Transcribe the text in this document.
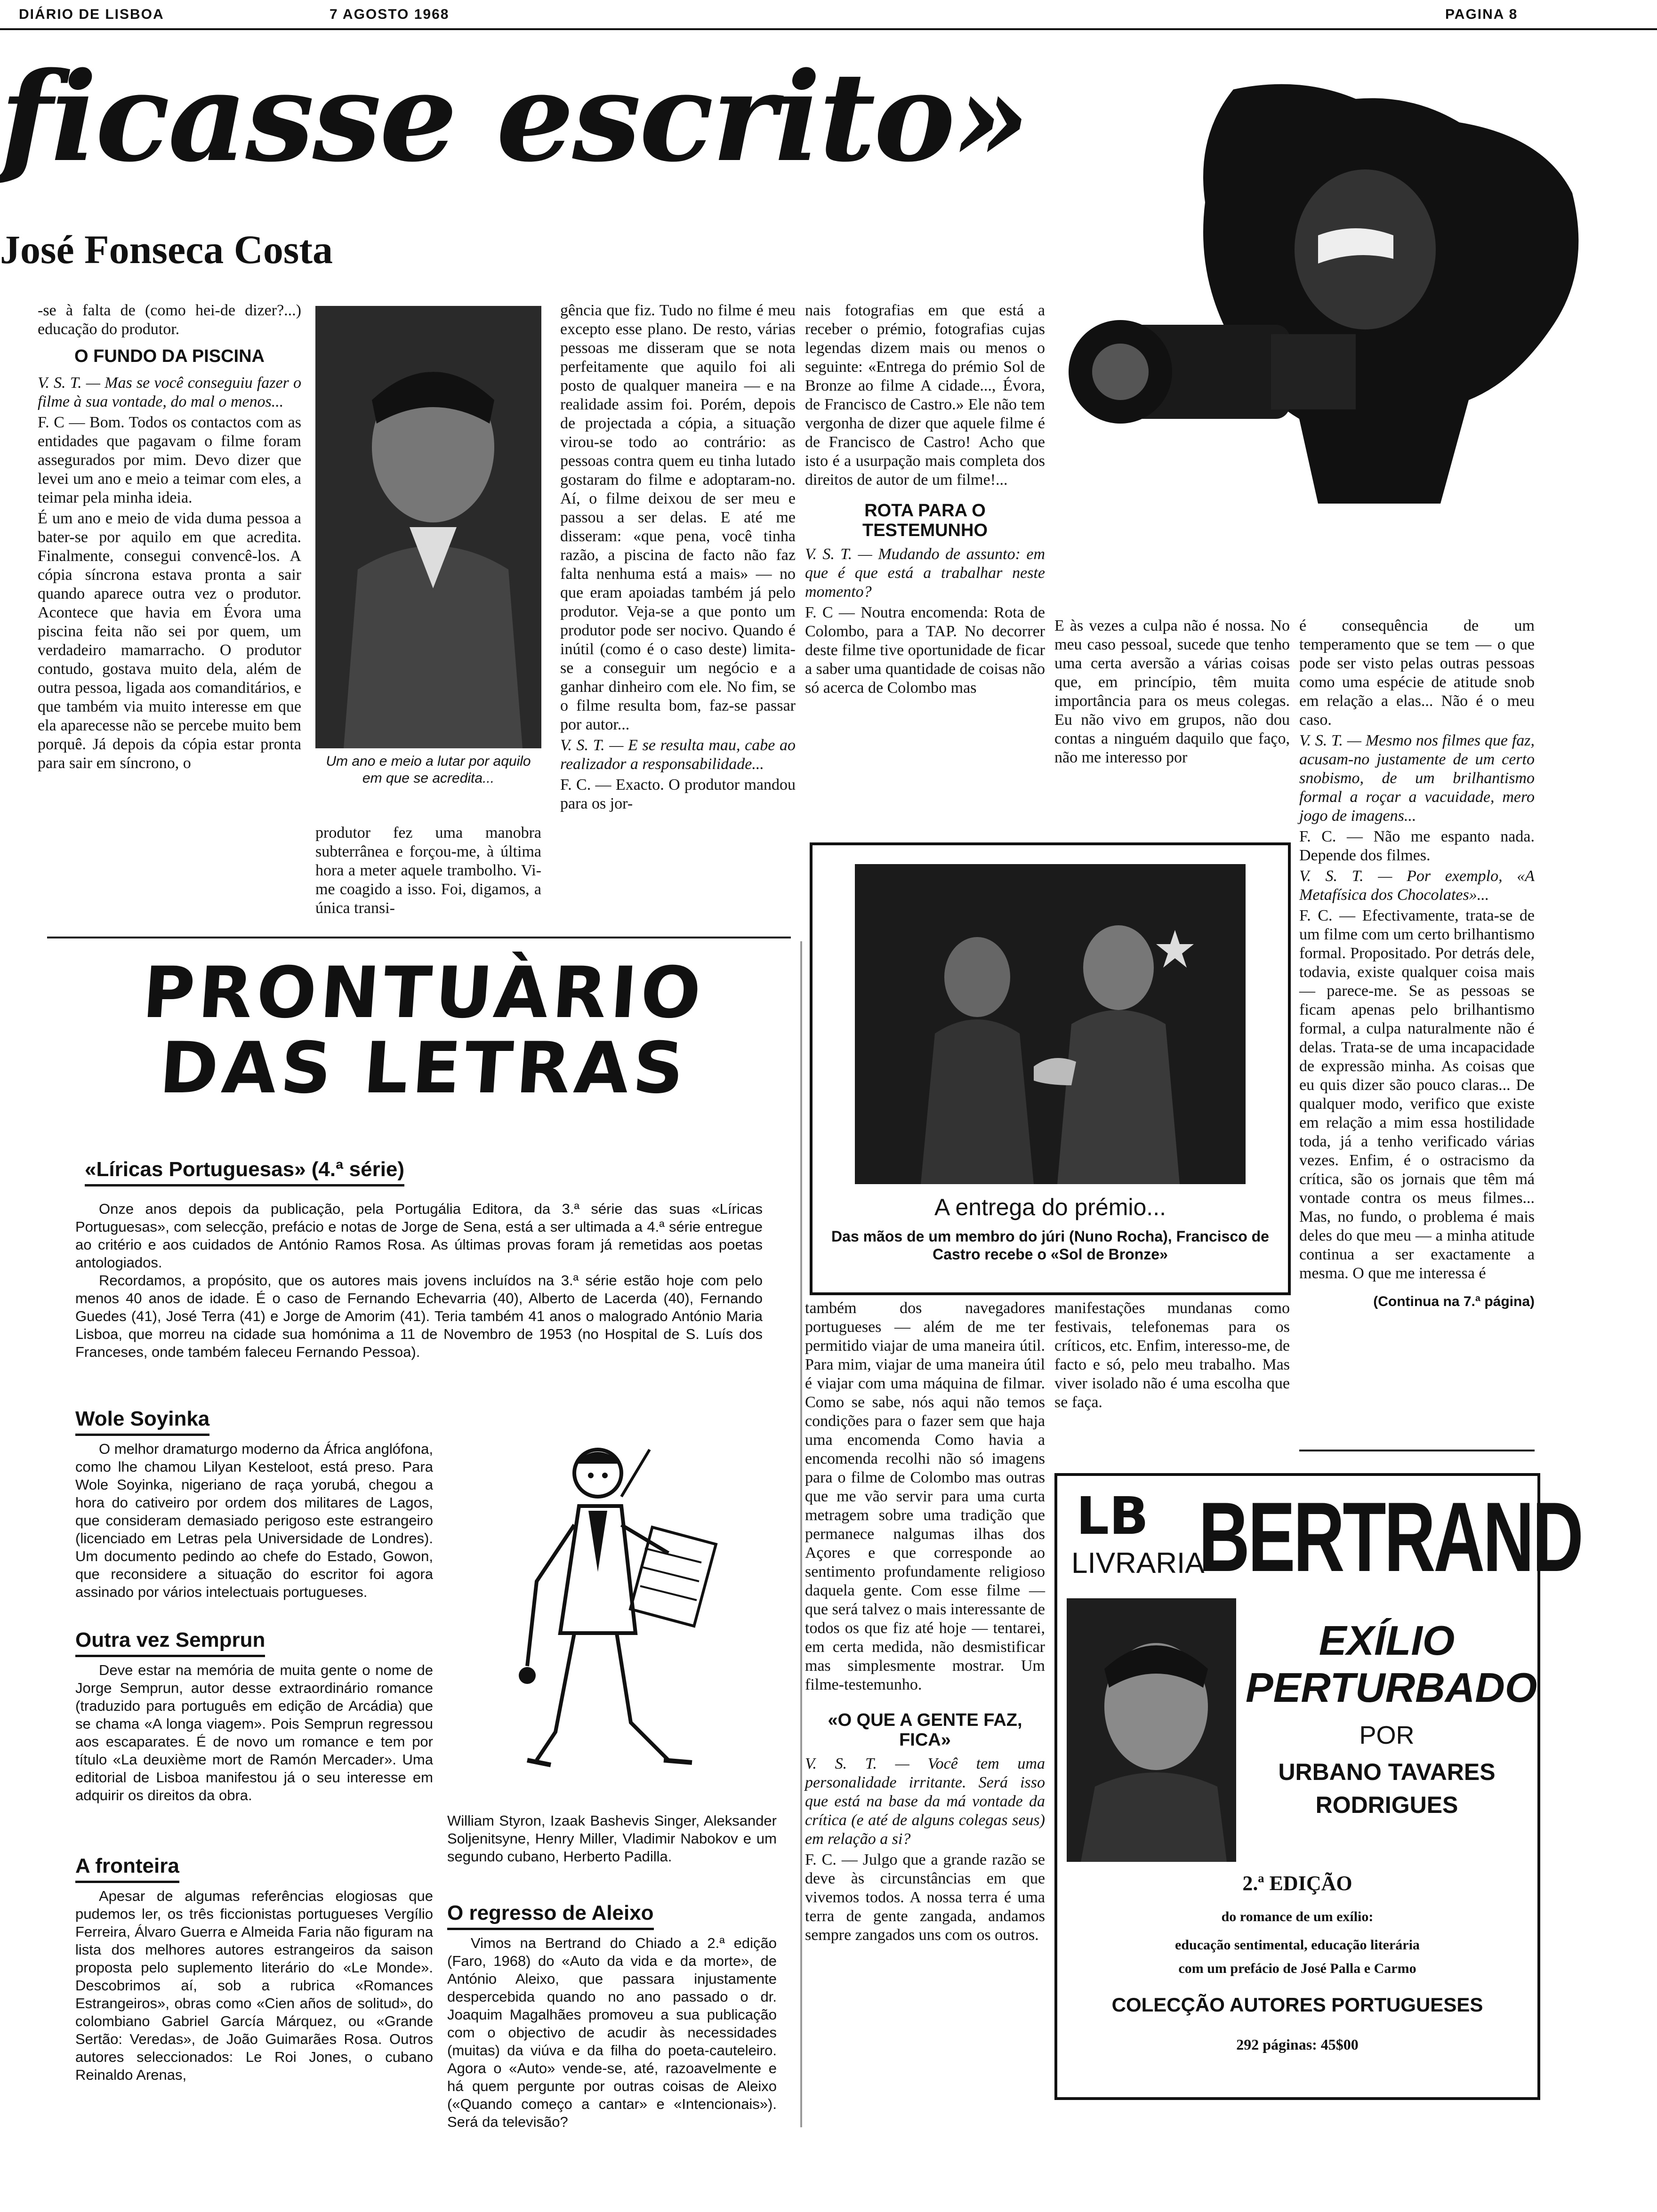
DIÁRIO DE LISBOA	7 AGOSTO 1968	PAGINA 8
ficasse escrito»
José Fonseca Costa

-se à falta de (como hei-de dizer?...) educação do produtor.

O FUNDO DA PISCINA

V. S. T. — Mas se você conseguiu fazer o filme à sua vontade, do mal o menos...

F. C — Bom. Todos os contactos com as entidades que pagavam o filme foram assegurados por mim. Devo dizer que levei um ano e meio a teimar com eles, a teimar pela minha ideia.

É um ano e meio de vida duma pessoa a bater-se por aquilo em que acredita. Finalmente, consegui convencê-los. A cópia síncrona estava pronta a sair quando aparece outra vez o produtor. Acontece que havia em Évora uma piscina feita não sei por quem, um verdadeiro mamarracho. O produtor contudo, gostava muito dela, além de outra pessoa, ligada aos comanditários, e que também via muito interesse em que ela aparecesse não se percebe muito bem porquê. Já depois da cópia estar pronta para sair em síncrono, o	Um ano e meio a lutar por aquilo em que se acredita...
produtor fez uma manobra subterrânea e forçou-me, à última hora a meter aquele trambolho. Vi-me coagido a isso. Foi, digamos, a única transi-

gência que fiz. Tudo no filme é meu excepto esse plano. De resto, várias pessoas me disseram que se nota perfeitamente que aquilo foi ali posto de qualquer maneira — e na realidade assim foi. Porém, depois de projectada a cópia, a situação virou-se todo ao contrário: as pessoas contra quem eu tinha lutado gostaram do filme e adoptaram-no. Aí, o filme deixou de ser meu e passou a ser delas. E até me disseram: «que pena, você tinha razão, a piscina de facto não faz falta nenhuma está a mais» — no que eram apoiadas também já pelo produtor. Veja-se a que ponto um produtor pode ser nocivo. Quando é inútil (como é o caso deste) limita-se a conseguir um negócio e a ganhar dinheiro com ele. No fim, se o filme resulta bom, faz-se passar por autor...

V. S. T. — E se resulta mau, cabe ao realizador a responsabilidade...

F. C. — Exacto. O produtor mandou para os jor-

nais fotografias em que está a receber o prémio, fotografias cujas legendas dizem mais ou menos o seguinte: «Entrega do prémio Sol de Bronze ao filme A cidade..., Évora, de Francisco de Castro.» Ele não tem vergonha de dizer que aquele filme é de Francisco de Castro! Acho que isto é a usurpação mais completa dos direitos de autor de um filme!...

ROTA PARA O TESTEMUNHO

V. S. T. — Mudando de assunto: em que é que está a trabalhar neste momento?

F. C — Noutra encomenda: Rota de Colombo, para a TAP. No decorrer deste filme tive oportunidade de ficar a saber uma quantidade de coisas não só acerca de Colombo mas

E às vezes a culpa não é nossa. No meu caso pessoal, sucede que tenho uma certa aversão a várias coisas que, em princípio, têm muita importância para os meus colegas. Eu não vivo em grupos, não dou contas a ninguém daquilo que faço, não me interesso por

é consequência de um temperamento que se tem — o que pode ser visto pelas outras pessoas como uma espécie de atitude snob em relação a elas... Não é o meu caso.

V. S. T. — Mesmo nos filmes que faz, acusam-no justamente de um certo snobismo, de um brilhantismo formal a roçar a vacuidade, mero jogo de imagens...

F. C. — Não me espanto nada. Depende dos filmes.

V. S. T. — Por exemplo, «A Metafísica dos Chocolates»...

F. C. — Efectivamente, trata-se de um filme com um certo brilhantismo formal. Propositado. Por detrás dele, todavia, existe qualquer coisa mais — parece-me. Se as pessoas se ficam apenas pelo brilhantismo formal, a culpa naturalmente não é delas. Trata-se de uma incapacidade de expressão minha. As coisas que eu quis dizer são pouco claras... De qualquer modo, verifico que existe em relação a mim essa hostilidade toda, já a tenho verificado várias vezes. Enfim, é o ostracismo da crítica, são os jornais que têm má vontade contra os meus filmes... Mas, no fundo, o problema é mais deles do que meu — a minha atitude continua a ser exactamente a mesma. O que me interessa é

(Continua na 7.ª página)
A entrega do prémio...
Das mãos de um membro do júri (Nuno Rocha), Francisco de Castro recebe o «Sol de Bronze»

também dos navegadores portugueses — além de me ter permitido viajar de uma maneira útil. Para mim, viajar de uma maneira útil é viajar com uma máquina de filmar. Como se sabe, nós aqui não temos condições para o fazer sem que haja uma encomenda Como havia a encomenda recolhi não só imagens para o filme de Colombo mas outras que me vão servir para uma curta metragem sobre uma tradição que permanece nalgumas ilhas dos Açores e que corresponde ao sentimento profundamente religioso daquela gente. Com esse filme — que será talvez o mais interessante de todos os que fiz até hoje — tentarei, em certa medida, não desmistificar mas simplesmente mostrar. Um filme-testemunho.

«O QUE A GENTE FAZ, FICA»

V. S. T. — Você tem uma personalidade irritante. Será isso que está na base da má vontade da crítica (e até de alguns colegas seus) em relação a si?

F. C. — Julgo que a grande razão se deve às circunstâncias em que vivemos todos. A nossa terra é uma terra de gente zangada, andamos sempre zangados uns com os outros.

manifestações mundanas como festivais, telefonemas para os críticos, etc. Enfim, interesso-me, de facto e só, pelo meu trabalho. Mas viver isolado não é uma escolha que se faça.
PRONTUÀRIO
DAS LETRAS
«Líricas Portuguesas» (4.ª série)

Onze anos depois da publicação, pela Portugália Editora, da 3.ª série das suas «Líricas Portuguesas», com selecção, prefácio e notas de Jorge de Sena, está a ser ultimada a 4.ª série entregue ao critério e aos cuidados de António Ramos Rosa. As últimas provas foram já remetidas aos poetas antologiados.

Recordamos, a propósito, que os autores mais jovens incluídos na 3.ª série estão hoje com pelo menos 40 anos de idade. É o caso de Fernando Echevarria (40), Alberto de Lacerda (40), Fernando Guedes (41), José Terra (41) e Jorge de Amorim (41). Teria também 41 anos o malogrado António Maria Lisboa, que morreu na cidade sua homónima a 11 de Novembro de 1953 (no Hospital de S. Luís dos Franceses, onde também faleceu Fernando Pessoa).

Wole Soyinka

O melhor dramaturgo moderno da África anglófona, como lhe chamou Lilyan Kesteloot, está preso. Para Wole Soyinka, nigeriano de raça yorubá, chegou a hora do cativeiro por ordem dos militares de Lagos, que consideram demasiado perigoso este estrangeiro (licenciado em Letras pela Universidade de Londres). Um documento pedindo ao chefe do Estado, Gowon, que reconsidere a situação do escritor foi agora assinado por vários intelectuais portugueses.

Outra vez Semprun

Deve estar na memória de muita gente o nome de Jorge Semprun, autor desse extraordinário romance (traduzido para português em edição de Arcádia) que se chama «A longa viagem». Pois Semprun regressou aos escaparates. É de novo um romance e tem por título «La deuxième mort de Ramón Mercader». Uma editorial de Lisboa manifestou já o seu interesse em adquirir os direitos da obra.

A fronteira

Apesar de algumas referências elogiosas que pudemos ler, os três ficcionistas portugueses Vergílio Ferreira, Álvaro Guerra e Almeida Faria não figuram na lista dos melhores autores estrangeiros da saison proposta pelo suplemento literário do «Le Monde». Descobrimos aí, sob a rubrica «Romances Estrangeiros», obras como «Cien años de solitud», do colombiano Gabriel García Márquez, ou «Grande Sertão: Veredas», de João Guimarães Rosa. Outros autores seleccionados: Le Roi Jones, o cubano Reinaldo Arenas,

William Styron, Izaak Bashevis Singer, Aleksander Soljenitsyne, Henry Miller, Vladimir Nabokov e um segundo cubano, Herberto Padilla.

O regresso de Aleixo

Vimos na Bertrand do Chiado a 2.ª edição (Faro, 1968) do «Auto da vida e da morte», de António Aleixo, que passara injustamente despercebida quando no ano passado o dr. Joaquim Magalhães promoveu a sua publicação com o objectivo de acudir às necessidades (muitas) da viúva e da filha do poeta-cauteleiro. Agora o «Auto» vende-se, até, razoavelmente e há quem pergunte por outras coisas de Aleixo («Quando começo a cantar» e «Intencionais»). Será da televisão?

LB
LIVRARIA
BERTRAND
EXÍLIO
PERTURBADO
POR
URBANO TAVARES
RODRIGUES
2.ª EDIÇÃO
do romance de um exílio:
educação sentimental, educação literária
com um prefácio de José Palla e Carmo
COLECÇÃO AUTORES PORTUGUESES
292 páginas: 45$00
